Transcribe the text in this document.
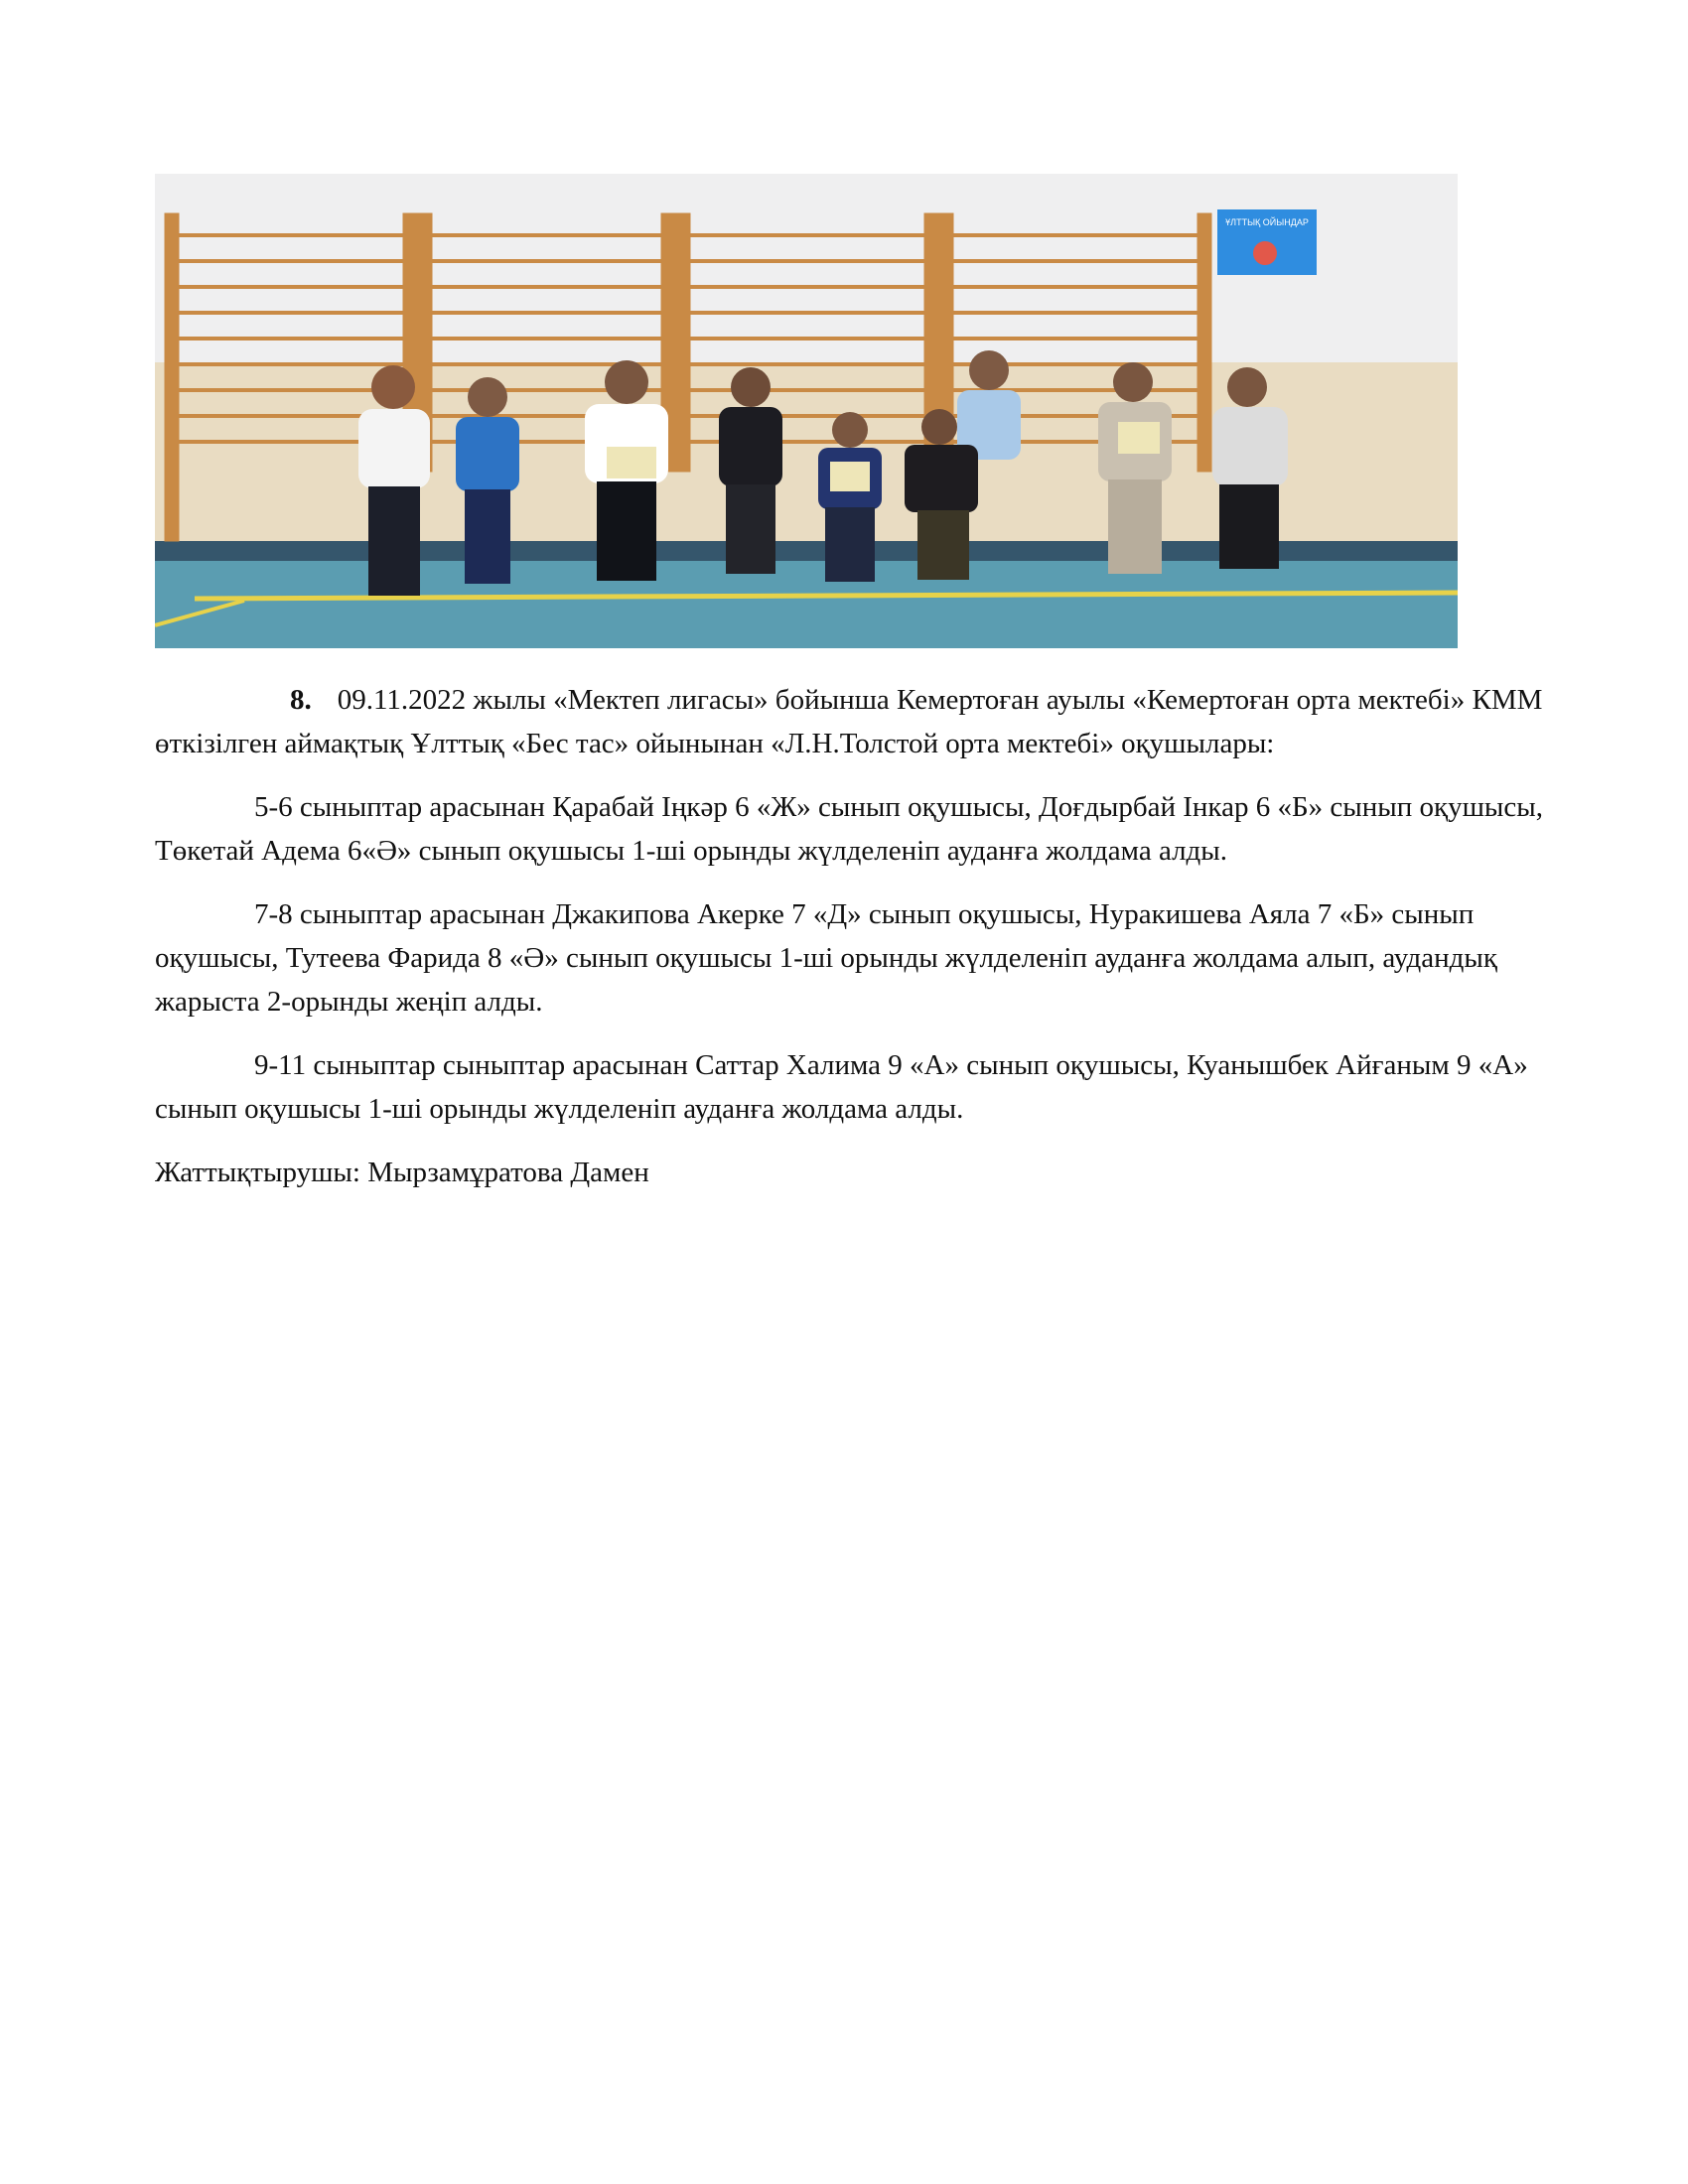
ҰЛТТЫҚ ОЙЫНДАР

8. 09.11.2022 жылы «Мектеп лигасы» бойынша Кемертоған ауылы «Кемертоған орта мектебі» КММ өткізілген аймақтық Ұлттық «Бес тас» ойынынан «Л.Н.Толстой орта мектебі» оқушылары:

5-6 сыныптар арасынан Қарабай Іңкәр 6 «Ж» сынып оқушысы, Доғдырбай Інкар 6 «Б» сынып оқушысы, Төкетай Адема 6«Ә» сынып оқушысы 1-ші орынды жүлделеніп ауданға жолдама алды.

7-8 сыныптар арасынан Джакипова Акерке 7 «Д» сынып оқушысы, Нуракишева Аяла 7 «Б» сынып оқушысы, Тутеева Фарида 8 «Ә» сынып оқушысы 1-ші орынды жүлделеніп ауданға жолдама алып, аудандық жарыста 2-орынды жеңіп алды.

9-11 сыныптар сыныптар арасынан Саттар Халима 9 «А» сынып оқушысы, Куанышбек Айғаным 9 «А» сынып оқушысы 1-ші орынды жүлделеніп ауданға жолдама алды.

Жаттықтырушы: Мырзамұратова Дамен
